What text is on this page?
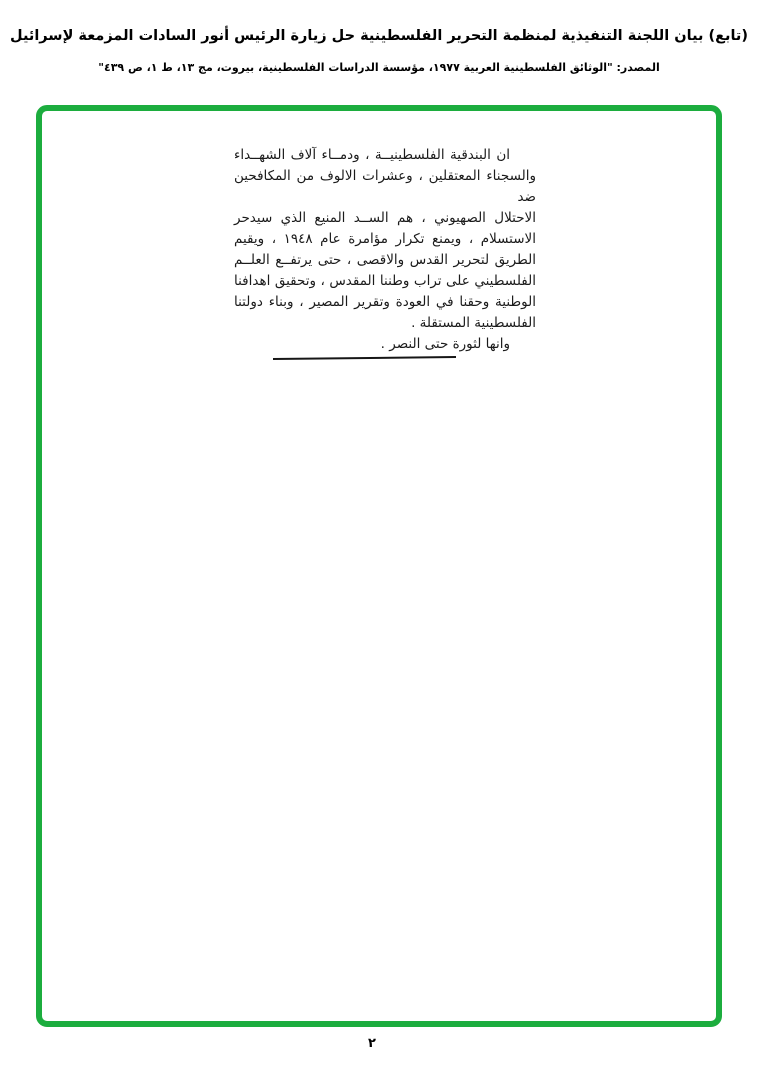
(تابع) بيان اللجنة التنفيذية لمنظمة التحرير الفلسطينية حل زيارة الرئيس أنور السادات المزمعة لإسرائيل
المصدر: "الوثائق الفلسطينية العربية ١٩٧٧، مؤسسة الدراسات الفلسطينية، بيروت، مج ١٣، ط ١، ص ٤٣٩"
ان البندقية الفلسطينيــة ، ودمــاء آلاف الشهــداء
والسجناء المعتقلين ، وعشرات الالوف من المكافحين ضد
الاحتلال الصهيوني ، هم الســد المنيع الذي سيدحر
الاستسلام ، ويمنع تكرار مؤامرة عام ١٩٤٨ ، ويقيم
الطريق لتحرير القدس والاقصى ، حتى يرتفــع العلــم
الفلسطيني على تراب وطننا المقدس ، وتحقيق اهدافنا
الوطنية وحقنا في العودة وتقرير المصير ، وبناء دولتنا
الفلسطينية المستقلة .
وانها لثورة حتى النصر .
٢
